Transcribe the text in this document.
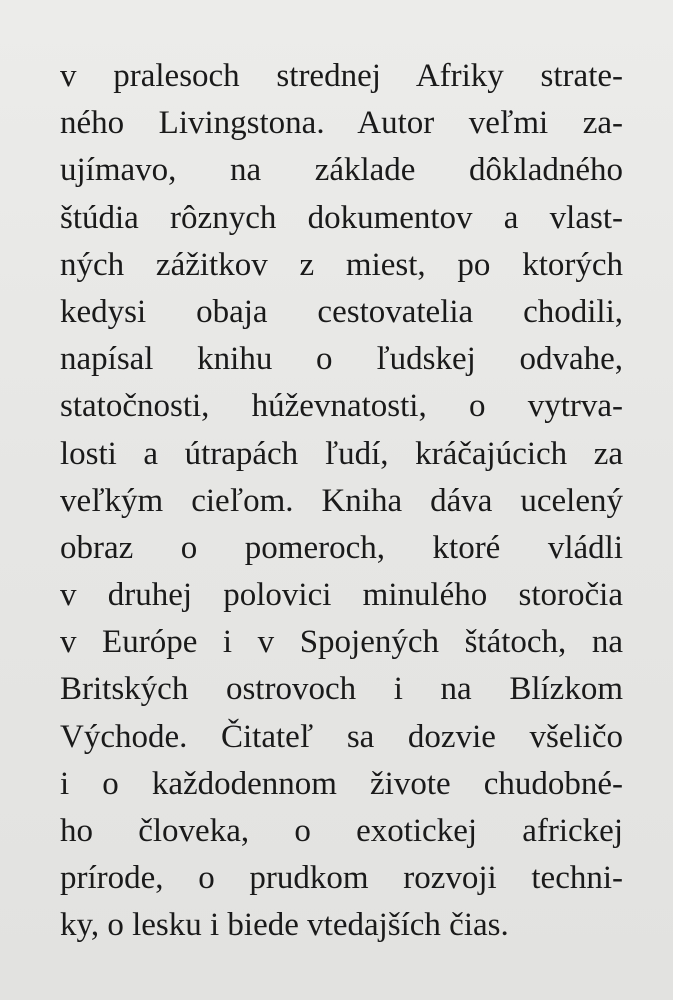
v pralesoch strednej Afriky strate-
ného Livingstona. Autor veľmi za-
ujímavo, na základe dôkladného
štúdia rôznych dokumentov a vlast-
ných zážitkov z miest, po ktorých
kedysi obaja cestovatelia chodili,
napísal knihu o ľudskej odvahe,
statočnosti, húževnatosti, o vytrva-
losti a útrapách ľudí, kráčajúcich za
veľkým cieľom. Kniha dáva ucelený
obraz o pomeroch, ktoré vládli
v druhej polovici minulého storočia
v Európe i v Spojených štátoch, na
Britských ostrovoch i na Blízkom
Východe. Čitateľ sa dozvie všeličo
i o každodennom živote chudobné-
ho človeka, o exotickej africkej
prírode, o prudkom rozvoji techni-
ky, o lesku i biede vtedajších čias.
